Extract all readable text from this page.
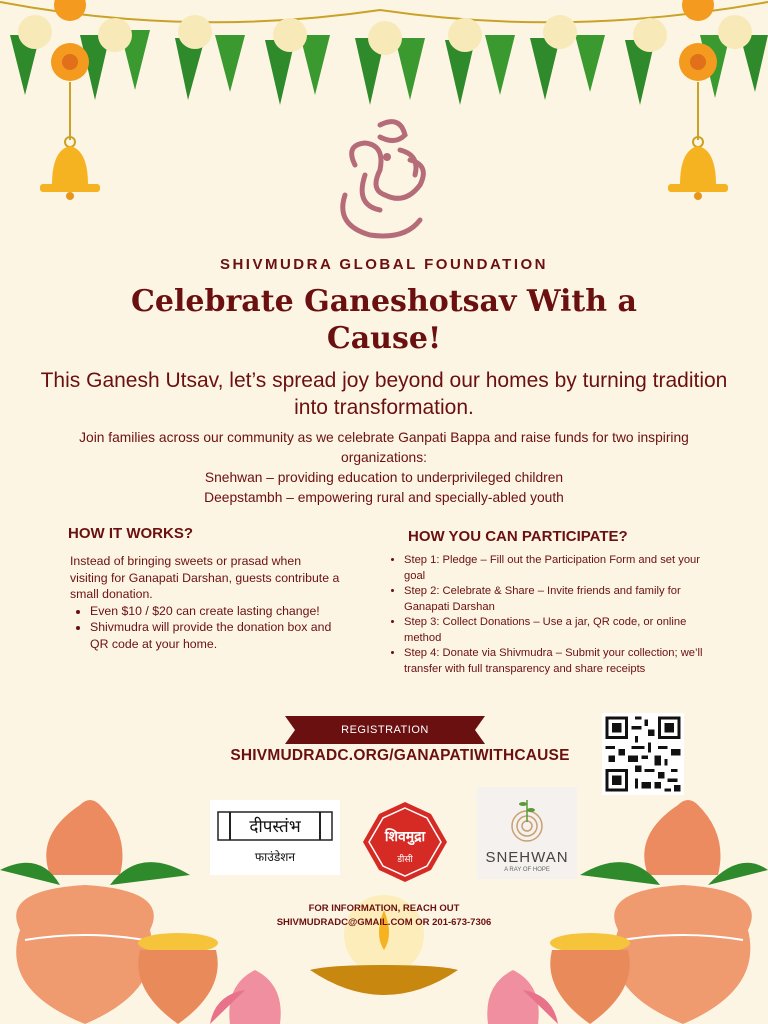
SHIVMUDRA GLOBAL FOUNDATION
Celebrate Ganeshotsav With a Cause!
This Ganesh Utsav, let’s spread joy beyond our homes by turning tradition into transformation.
Join families across our community as we celebrate Ganpati Bappa and raise funds for two inspiring organizations:
Snehwan – providing education to underprivileged children
Deepstambh – empowering rural and specially-abled youth
HOW IT WORKS?
Instead of bringing sweets or prasad when visiting for Ganapati Darshan, guests contribute a small donation.
• Even $10 / $20 can create lasting change!
• Shivmudra will provide the donation box and QR code at your home.
HOW YOU CAN PARTICIPATE?
• Step 1: Pledge – Fill out the Participation Form and set your goal
• Step 2: Celebrate & Share – Invite friends and family for Ganapati Darshan
• Step 3: Collect Donations – Use a jar, QR code, or online method
• Step 4: Donate via Shivmudra – Submit your collection; we’ll transfer with full transparency and share receipts
REGISTRATION
SHIVMUDRADC.ORG/GANAPATIWITHCAUSE
दीपस्तंभ
फाउंडेशन
शिवमुद्रा
डीसी	SNEHWAN
A RAY OF HOPE
FOR INFORMATION, REACH OUT
SHIVMUDRADC@GMAIL.COM OR 201-673-7306
